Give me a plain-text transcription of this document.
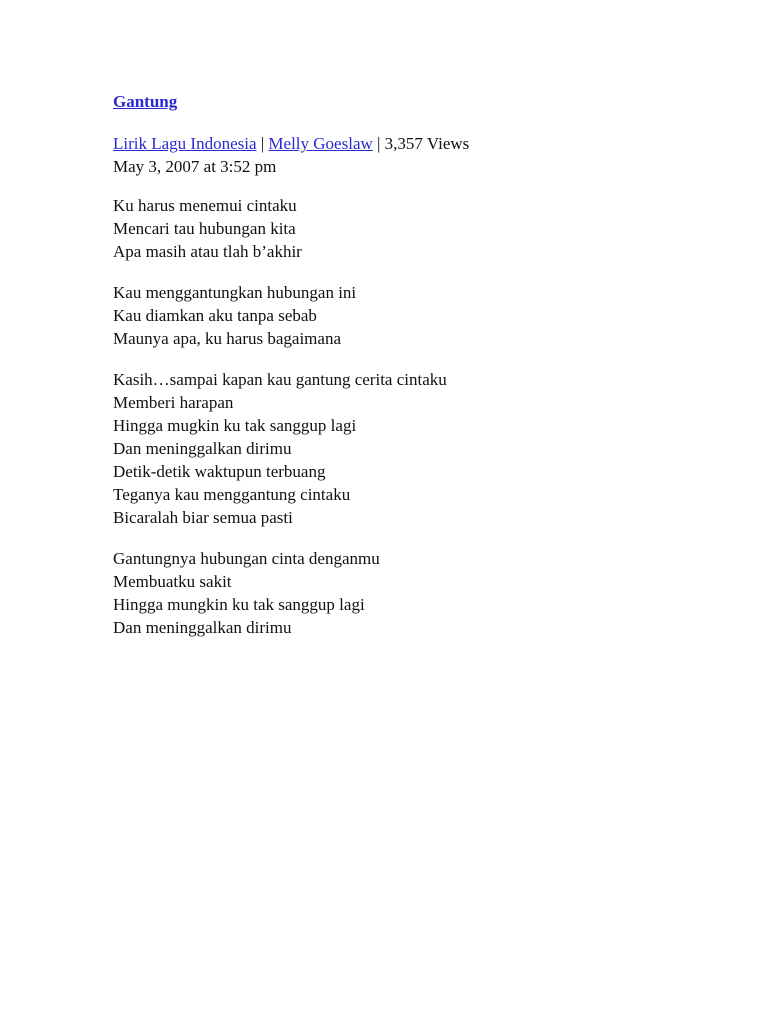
Gantung

Lirik Lagu Indonesia | Melly Goeslaw | 3,357 Views

May 3, 2007 at 3:52 pm

Ku harus menemui cintaku
Mencari tau hubungan kita
Apa masih atau tlah b’akhir

Kau menggantungkan hubungan ini
Kau diamkan aku tanpa sebab
Maunya apa, ku harus bagaimana

Kasih…sampai kapan kau gantung cerita cintaku
Memberi harapan
Hingga mugkin ku tak sanggup lagi
Dan meninggalkan dirimu
Detik-detik waktupun terbuang
Teganya kau menggantung cintaku
Bicaralah biar semua pasti

Gantungnya hubungan cinta denganmu
Membuatku sakit
Hingga mungkin ku tak sanggup lagi
Dan meninggalkan dirimu
